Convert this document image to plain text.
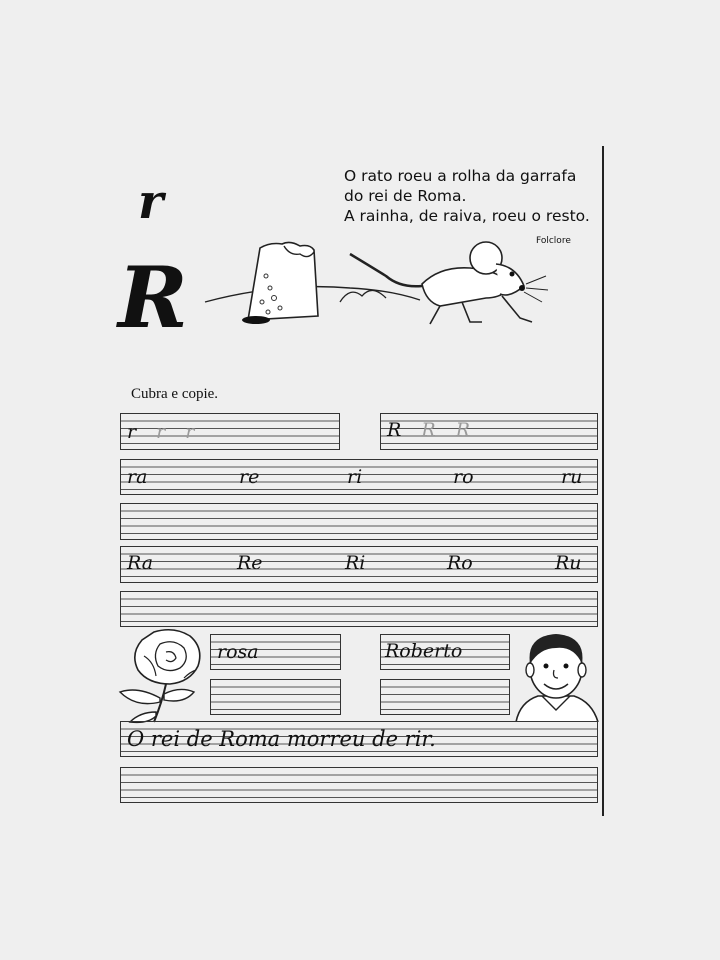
O rato roeu a rolha da garrafa
do rei de Roma.
A rainha, de raiva, roeu o resto.
Folclore
r
R
Cubra e copie.
r r r	R R R
ra	re	ri	ro	ru
Ra	Re	Ri	Ro	Ru
rosa	Roberto
O rei de Roma morreu de rir.
